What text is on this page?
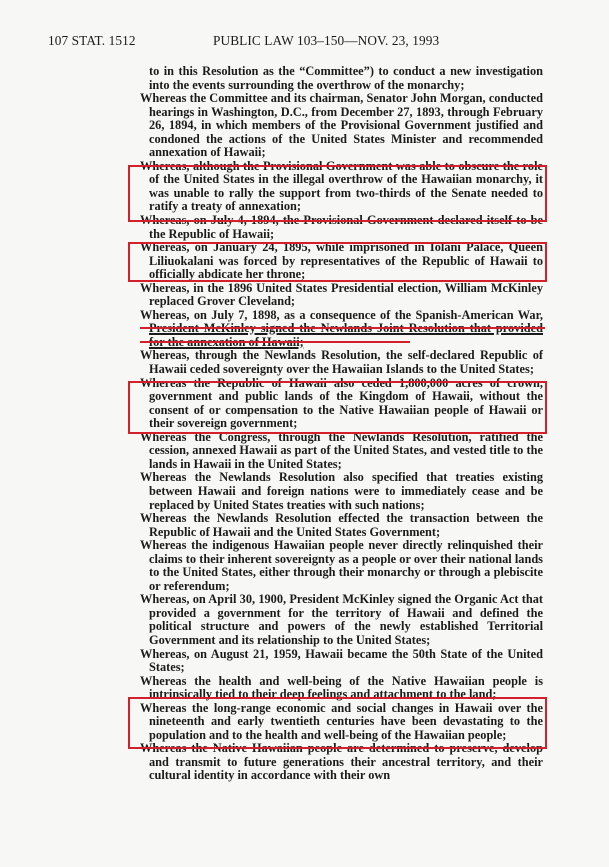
107 STAT. 1512	PUBLIC LAW 103–150—NOV. 23, 1993
to in this Resolution as the “Committee”) to conduct a new investigation into the events surrounding the overthrow of the monarchy;
Whereas the Committee and its chairman, Senator John Morgan, conducted hearings in Washington, D.C., from December 27, 1893, through February 26, 1894, in which members of the Provisional Government justified and condoned the actions of the United States Minister and recommended annexation of Hawaii;
Whereas, although the Provisional Government was able to obscure the role of the United States in the illegal overthrow of the Hawaiian monarchy, it was unable to rally the support from two-thirds of the Senate needed to ratify a treaty of annexation;
Whereas, on July 4, 1894, the Provisional Government declared itself to be the Republic of Hawaii;
Whereas, on January 24, 1895, while imprisoned in Iolani Palace, Queen Liliuokalani was forced by representatives of the Republic of Hawaii to officially abdicate her throne;
Whereas, in the 1896 United States Presidential election, William McKinley replaced Grover Cleveland;
Whereas, on July 7, 1898, as a consequence of the Spanish-American War,
Whereas, through the Newlands Resolution, the self-declared Republic of Hawaii ceded sovereignty over the Hawaiian Islands to the United States;
Whereas the Republic of Hawaii also ceded 1,800,000 acres of crown, government and public lands of the Kingdom of Hawaii, without the consent of or compensation to the Native Hawaiian people of Hawaii or their sovereign government;
Whereas the Congress, through the Newlands Resolution, ratified the cession, annexed Hawaii as part of the United States, and vested title to the lands in Hawaii in the United States;
Whereas the Newlands Resolution also specified that treaties existing between Hawaii and foreign nations were to immediately cease and be replaced by United States treaties with such nations;
Whereas the Newlands Resolution effected the transaction between the Republic of Hawaii and the United States Government;
Whereas the indigenous Hawaiian people never directly relinquished their claims to their inherent sovereignty as a people or over their national lands to the United States, either through their monarchy or through a plebiscite or referendum;
Whereas, on April 30, 1900, President McKinley signed the Organic Act that provided a government for the territory of Hawaii and defined the political structure and powers of the newly established Territorial Government and its relationship to the United States;
Whereas, on August 21, 1959, Hawaii became the 50th State of the United States;
Whereas the health and well-being of the Native Hawaiian people is intrinsically tied to their deep feelings and attachment to the land;
Whereas the long-range economic and social changes in Hawaii over the nineteenth and early twentieth centuries have been devastating to the population and to the health and well-being of the Hawaiian people;
Whereas the Native Hawaiian people are determined to preserve, develop and transmit to future generations their ancestral territory, and their cultural identity in accordance with their own
